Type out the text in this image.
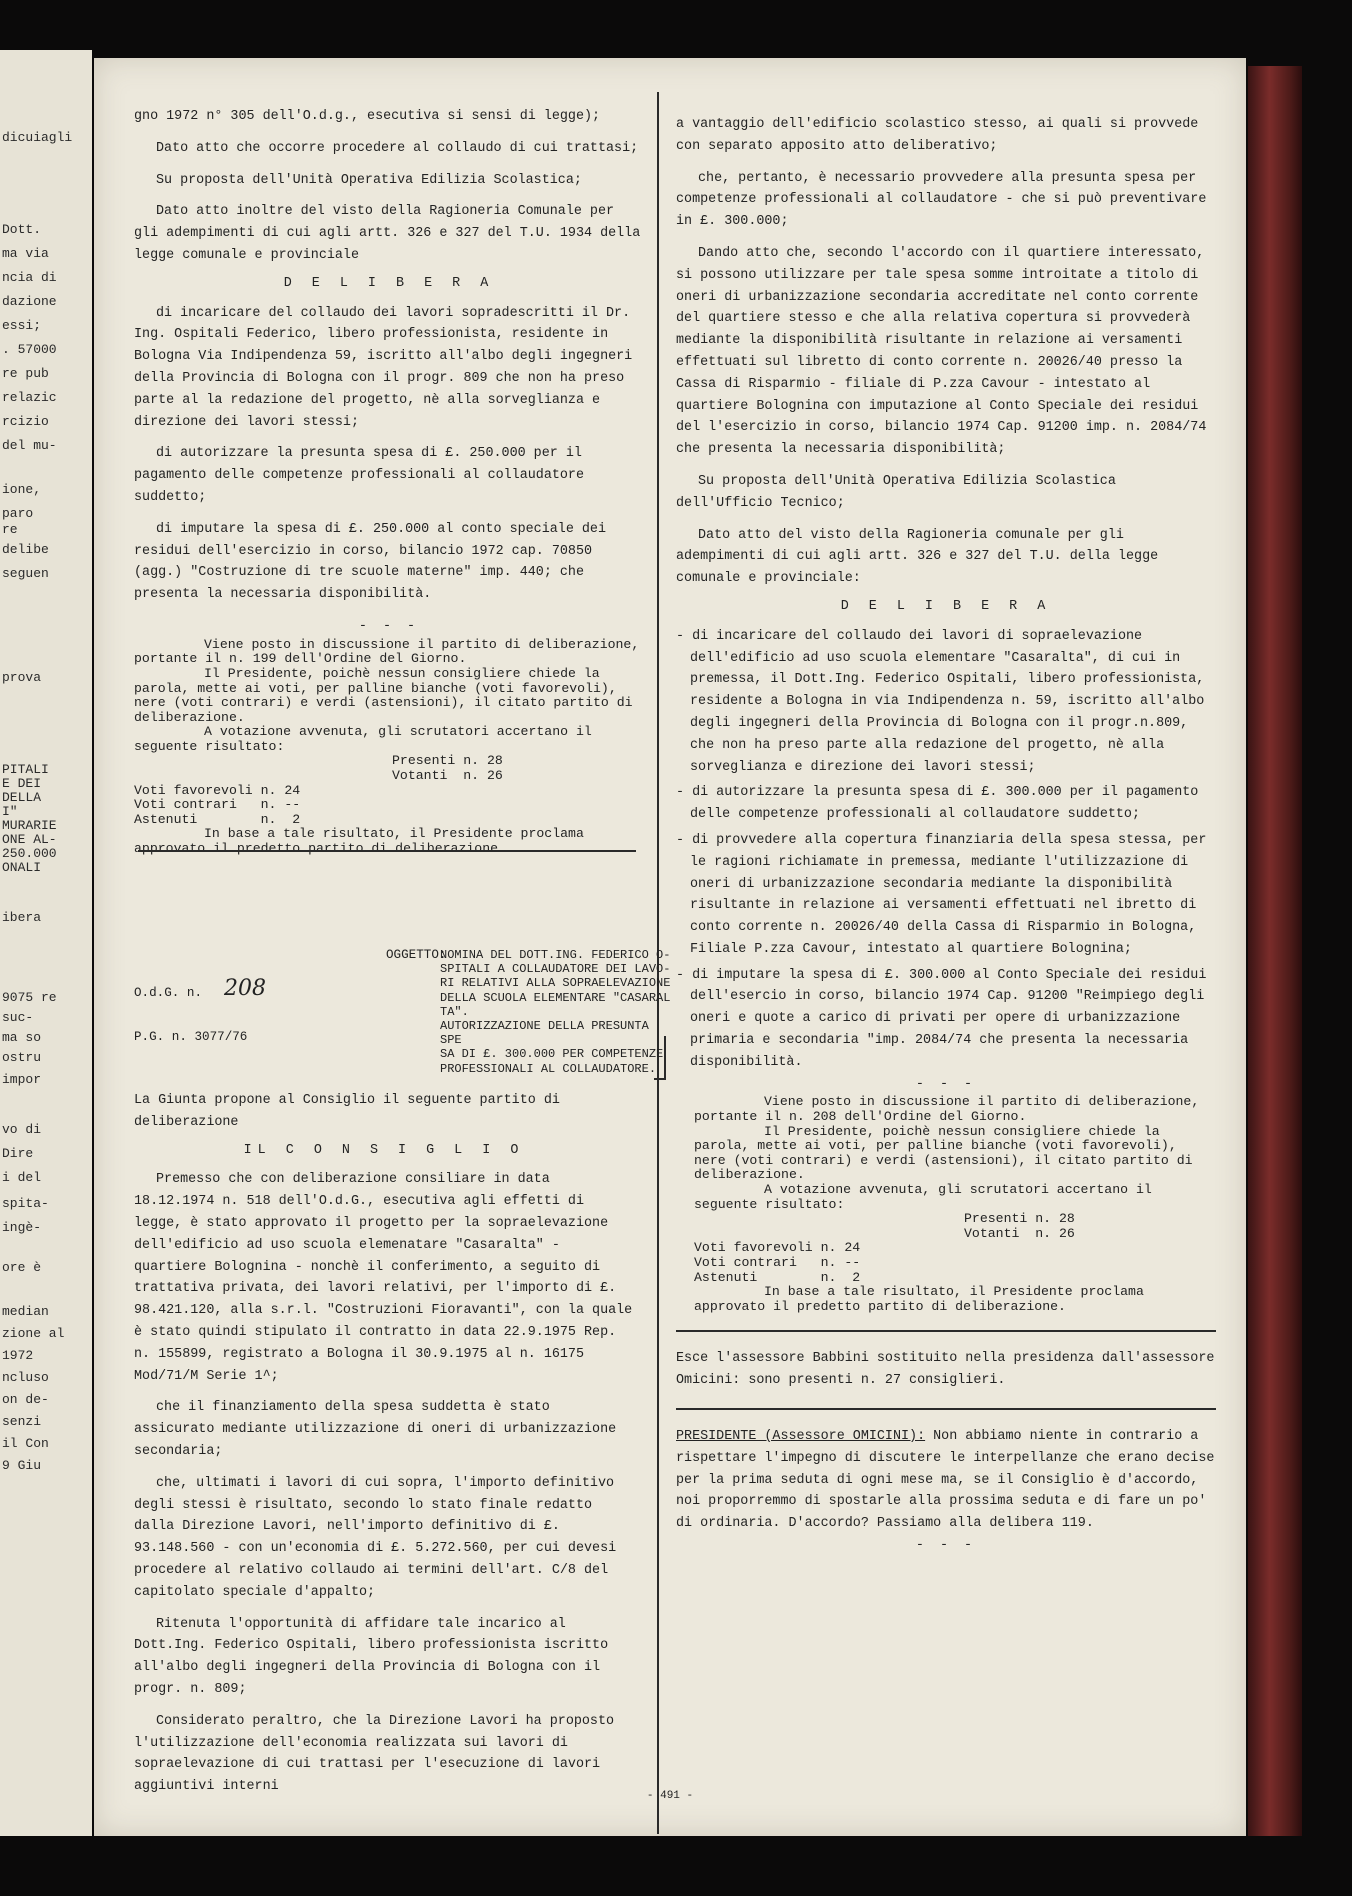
dicuiagli
Dott.
ma via
ncia di
dazione
essi;
. 57000
re pub
relazic
rcizio
del mu-
ione,
paro
re
delibe
seguen
prova
PITALI
E DEI
DELLA
I"
MURARIE
ONE AL-
250.000
ONALI
ibera
9075 re
suc-
ma so
ostru
impor
vo di
Dire
i del
spita-
ingè-
ore è
median
zione al
1972
ncluso
on de-
senzi
il Con
9 Giu

gno 1972 n° 305 dell'O.d.g., esecutiva si sensi di legge);

Dato atto che occorre procedere al collaudo di cui trattasi;

Su proposta dell'Unità Operativa Edilizia Scolastica;

Dato atto inoltre del visto della Ragioneria Comunale per gli adempimenti di cui agli artt. 326 e 327 del T.U. 1934 della legge comunale e provinciale

D E L I B E R A

di incaricare del collaudo dei lavori sopradescritti il Dr. Ing. Ospitali Federico, libero professionista, residente in Bologna Via Indipendenza 59, iscritto all'albo degli ingegneri della Provincia di Bologna con il progr. 809 che non ha preso parte al la redazione del progetto, nè alla sorveglianza e direzione dei lavori stessi;

di autorizzare la presunta spesa di £. 250.000 per il pagamento delle competenze professionali al collaudatore suddetto;

di imputare la spesa di £. 250.000 al conto speciale dei residui dell'esercizio in corso, bilancio 1972 cap. 70850 (agg.) "Costruzione di tre scuole materne" imp. 440; che presenta la necessaria disponibilità.

- - -

Viene posto in discussione il partito di deliberazione, portante il n. 199 dell'Ordine del Giorno.

Il Presidente, poichè nessun consigliere chiede la parola, mette ai voti, per palline bianche (voti favorevoli), nere (voti contrari) e verdi (astensioni), il citato partito di deliberazione.

A votazione avvenuta, gli scrutatori accertano il seguente risultato:

Presenti n. 28

Votanti  n. 26

Voti favorevoli n. 24

Voti contrari   n. --

Astenuti        n.  2

In base a tale risultato, il Presidente proclama approvato il predetto partito di deliberazione.

OGGETTO:
NOMINA DEL DOTT.ING. FEDERICO O-
SPITALI A COLLAUDATORE DEI LAVO-
RI RELATIVI ALLA SOPRAELEVAZIONE
DELLA SCUOLA ELEMENTARE "CASARAL
TA".
AUTORIZZAZIONE DELLA PRESUNTA SPE
SA DI £. 300.000 PER COMPETENZE
PROFESSIONALI AL COLLAUDATORE.
O.d.G. n. 208
P.G. n. 3077/76

La Giunta propone al Consiglio il seguente partito di deliberazione

IL C O N S I G L I O

Premesso che con deliberazione consiliare in data 18.12.1974 n. 518 dell'O.d.G., esecutiva agli effetti di legge, è stato approvato il progetto per la sopraelevazione dell'edificio ad uso scuola elemenatare "Casaralta" - quartiere Bolognina - nonchè il conferimento, a seguito di trattativa privata, dei lavori relativi, per l'importo di £. 98.421.120, alla s.r.l. "Costruzioni Fioravanti", con la quale è stato quindi stipulato il contratto in data 22.9.1975 Rep. n. 155899, registrato a Bologna il 30.9.1975 al n. 16175 Mod/71/M Serie 1^;

che il finanziamento della spesa suddetta è stato assicurato mediante utilizzazione di oneri di urbanizzazione secondaria;

che, ultimati i lavori di cui sopra, l'importo definitivo degli stessi è risultato, secondo lo stato finale redatto dalla Direzione Lavori, nell'importo definitivo di £. 93.148.560 - con un'economia di £. 5.272.560, per cui devesi procedere al relativo collaudo ai termini dell'art. C/8 del capitolato speciale d'appalto;

Ritenuta l'opportunità di affidare tale incarico al Dott.Ing. Federico Ospitali, libero professionista iscritto all'albo degli ingegneri della Provincia di Bologna con il progr. n. 809;

Considerato peraltro, che la Direzione Lavori ha proposto l'utilizzazione dell'economia realizzata sui lavori di sopraelevazione di cui trattasi per l'esecuzione di lavori aggiuntivi interni

a vantaggio dell'edificio scolastico stesso, ai quali si provvede con separato apposito atto deliberativo;

che, pertanto, è necessario provvedere alla presunta spesa per competenze professionali al collaudatore - che si può preventivare in £. 300.000;

Dando atto che, secondo l'accordo con il quartiere interessato, si possono utilizzare per tale spesa somme introitate a titolo di oneri di urbanizzazione secondaria accreditate nel conto corrente del quartiere stesso e che alla relativa copertura si provvederà mediante la disponibilità risultante in relazione ai versamenti effettuati sul libretto di conto corrente n. 20026/40 presso la Cassa di Risparmio - filiale di P.zza Cavour - intestato al quartiere Bolognina con imputazione al Conto Speciale dei residui del l'esercizio in corso, bilancio 1974 Cap. 91200 imp. n. 2084/74 che presenta la necessaria disponibilità;

Su proposta dell'Unità Operativa Edilizia Scolastica dell'Ufficio Tecnico;

Dato atto del visto della Ragioneria comunale per gli adempimenti di cui agli artt. 326 e 327 del T.U. della legge comunale e provinciale:

D E L I B E R A

- di incaricare del collaudo dei lavori di sopraelevazione dell'edificio ad uso scuola elementare "Casaralta", di cui in premessa, il Dott.Ing. Federico Ospitali, libero professionista, residente a Bologna in via Indipendenza n. 59, iscritto all'albo degli ingegneri della Provincia di Bologna con il progr.n.809, che non ha preso parte alla redazione del progetto, nè alla sorveglianza e direzione dei lavori stessi;

- di autorizzare la presunta spesa di £. 300.000 per il pagamento delle competenze professionali al collaudatore suddetto;

- di provvedere alla copertura finanziaria della spesa stessa, per le ragioni richiamate in premessa, mediante l'utilizzazione di oneri di urbanizzazione secondaria mediante la disponibilità risultante in relazione ai versamenti effettuati nel ibretto di conto corrente n. 20026/40 della Cassa di Risparmio in Bologna, Filiale P.zza Cavour, intestato al quartiere Bolognina;

- di imputare la spesa di £. 300.000 al Conto Speciale dei residui dell'esercio in corso, bilancio 1974 Cap. 91200 "Reimpiego degli oneri e quote a carico di privati per opere di urbanizzazione primaria e secondaria "imp. 2084/74 che presenta la necessaria disponibilità.

- - -

Viene posto in discussione il partito di deliberazione, portante il n. 208 dell'Ordine del Giorno.

Il Presidente, poichè nessun consigliere chiede la parola, mette ai voti, per palline bianche (voti favorevoli), nere (voti contrari) e verdi (astensioni), il citato partito di deliberazione.

A votazione avvenuta, gli scrutatori accertano il seguente risultato:

Presenti n. 28

Votanti  n. 26

Voti favorevoli n. 24

Voti contrari   n. --

Astenuti        n.  2

In base a tale risultato, il Presidente proclama approvato il predetto partito di deliberazione.

Esce l'assessore Babbini sostituito nella presidenza dall'assessore Omicini: sono presenti n. 27 consiglieri.

PRESIDENTE (Assessore OMICINI): Non abbiamo niente in contrario a rispettare l'impegno di discutere le interpellanze che erano decise per la prima seduta di ogni mese ma, se il Consiglio è d'accordo, noi proporremmo di spostarle alla prossima seduta e di fare un po' di ordinaria. D'accordo? Passiamo alla delibera 119.

- - -

- 491 -
